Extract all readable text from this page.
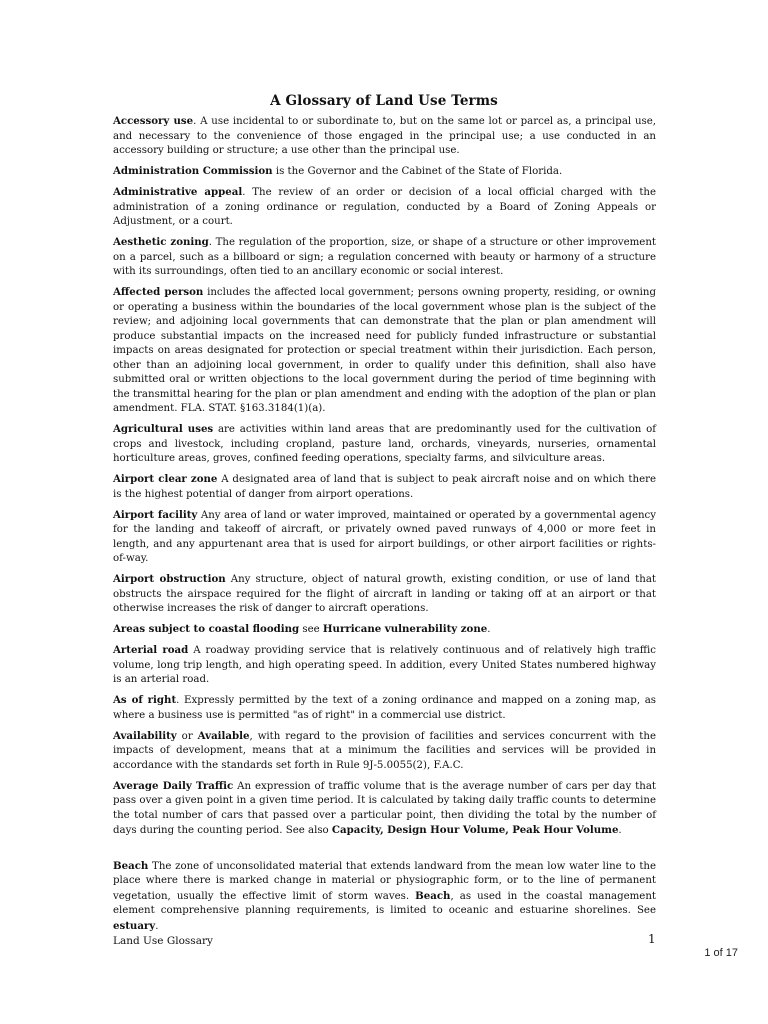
A Glossary of Land Use Terms

Accessory use. A use incidental to or subordinate to, but on the same lot or parcel as, a principal use, and necessary to the convenience of those engaged in the principal use; a use conducted in an accessory building or structure; a use other than the principal use.

Administration Commission is the Governor and the Cabinet of the State of Florida.

Administrative appeal. The review of an order or decision of a local official charged with the administration of a zoning ordinance or regulation, conducted by a Board of Zoning Appeals or Adjustment, or a court.

Aesthetic zoning. The regulation of the proportion, size, or shape of a structure or other improvement on a parcel, such as a billboard or sign; a regulation concerned with beauty or harmony of a structure with its surroundings, often tied to an ancillary economic or social interest.

Affected person includes the affected local government; persons owning property, residing, or owning or operating a business within the boundaries of the local government whose plan is the subject of the review; and adjoining local governments that can demonstrate that the plan or plan amendment will produce substantial impacts on the increased need for publicly funded infrastructure or substantial impacts on areas designated for protection or special treatment within their jurisdiction. Each person, other than an adjoining local government, in order to qualify under this definition, shall also have submitted oral or written objections to the local government during the period of time beginning with the transmittal hearing for the plan or plan amendment and ending with the adoption of the plan or plan amendment. FLA. STAT. §163.3184(1)(a).

Agricultural uses are activities within land areas that are predominantly used for the cultivation of crops and livestock, including cropland, pasture land, orchards, vineyards, nurseries, ornamental horticulture areas, groves, confined feeding operations, specialty farms, and silviculture areas.

Airport clear zone A designated area of land that is subject to peak aircraft noise and on which there is the highest potential of danger from airport operations.

Airport facility Any area of land or water improved, maintained or operated by a governmental agency for the landing and takeoff of aircraft, or privately owned paved runways of 4,000 or more feet in length, and any appurtenant area that is used for airport buildings, or other airport facilities or rights-of-way.

Airport obstruction Any structure, object of natural growth, existing condition, or use of land that obstructs the airspace required for the flight of aircraft in landing or taking off at an airport or that otherwise increases the risk of danger to aircraft operations.

Areas subject to coastal flooding see Hurricane vulnerability zone.

Arterial road A roadway providing service that is relatively continuous and of relatively high traffic volume, long trip length, and high operating speed. In addition, every United States numbered highway is an arterial road.

As of right. Expressly permitted by the text of a zoning ordinance and mapped on a zoning map, as where a business use is permitted "as of right" in a commercial use district.

Availability or Available, with regard to the provision of facilities and services concurrent with the impacts of development, means that at a minimum the facilities and services will be provided in accordance with the standards set forth in Rule 9J-5.0055(2), F.A.C.

Average Daily Traffic An expression of traffic volume that is the average number of cars per day that pass over a given point in a given time period. It is calculated by taking daily traffic counts to determine the total number of cars that passed over a particular point, then dividing the total by the number of days during the counting period. See also Capacity, Design Hour Volume, Peak Hour Volume.

Beach The zone of unconsolidated material that extends landward from the mean low water line to the place where there is marked change in material or physiographic form, or to the line of permanent vegetation, usually the effective limit of storm waves. Beach, as used in the coastal management element comprehensive planning requirements, is limited to oceanic and estuarine shorelines. See estuary.

Land Use Glossary	1
1 of 17
